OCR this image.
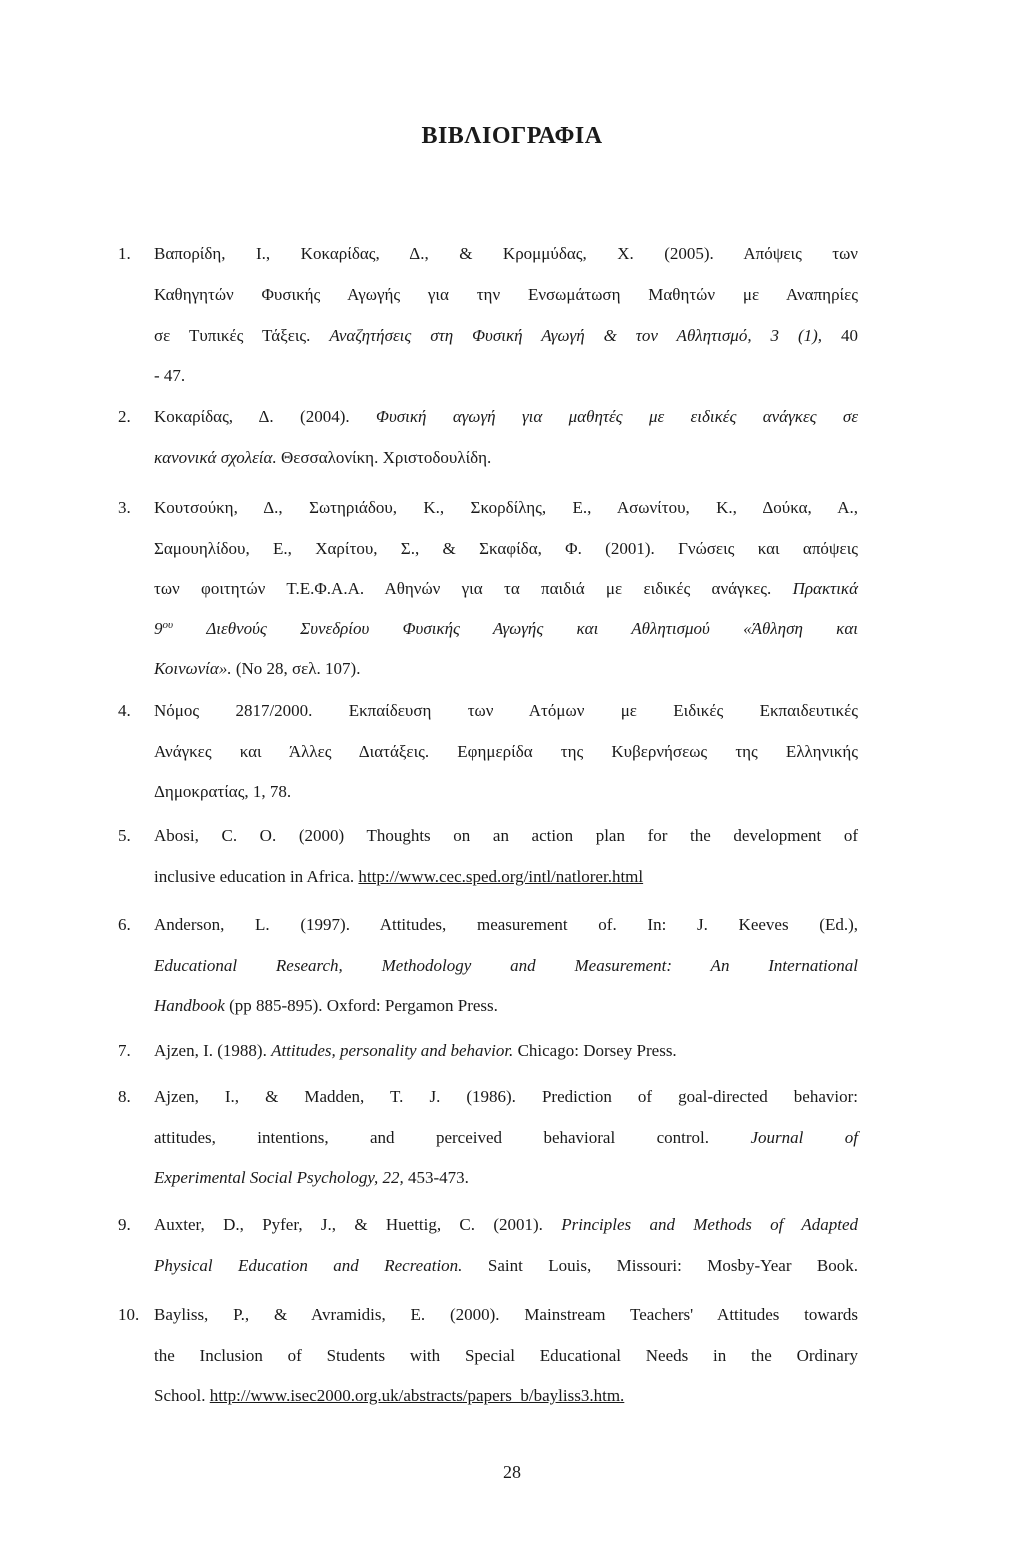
ΒΙΒΛΙΟΓΡΑΦΙΑ
1. Βαπορίδη, Ι., Κοκαρίδας, Δ., & Κρομμύδας, Χ. (2005). Απόψεις των
Καθηγητών Φυσικής Αγωγής για την Ενσωμάτωση Μαθητών με Αναπηρίες
σε Τυπικές Τάξεις. Αναζητήσεις στη Φυσική Αγωγή & τον Αθλητισμό, 3 (1), 40
- 47.
2. Κοκαρίδας, Δ. (2004). Φυσική αγωγή για μαθητές με ειδικές ανάγκες σε
κανονικά σχολεία. Θεσσαλονίκη. Χριστοδουλίδη.
3. Κουτσούκη, Δ., Σωτηριάδου, Κ., Σκορδίλης, Ε., Ασωνίτου, Κ., Δούκα, Α.,
Σαμουηλίδου, Ε., Χαρίτου, Σ., & Σκαφίδα, Φ. (2001). Γνώσεις και απόψεις
των φοιτητών Τ.Ε.Φ.Α.Α. Αθηνών για τα παιδιά με ειδικές ανάγκες. Πρακτικά
$9^{o\upsilon}$ Διεθνούς Συνεδρίου Φυσικής Αγωγής και Αθλητισμού «Άθληση και
Κοινωνία». (Νο 28, σελ. 107).
4. Νόμος 2817/2000. Εκπαίδευση των Ατόμων με Ειδικές Εκπαιδευτικές
Ανάγκες και Άλλες Διατάξεις. Εφημερίδα της Κυβερνήσεως της Ελληνικής
Δημοκρατίας, 1, 78.
5. Abosi, C. O. (2000) Thoughts on an action plan for the development of
inclusive education in Africa. http://www.cec.sped.org/intl/natlorer.html
6. Anderson, L. (1997). Attitudes, measurement of. In: J. Keeves (Ed.),
Educational Research, Methodology and Measurement: An International
Handbook (pp 885-895). Oxford: Pergamon Press.
7. Ajzen, I. (1988). Attitudes, personality and behavior. Chicago: Dorsey Press.
8. Ajzen, I., & Madden, T. J. (1986). Prediction of goal-directed behavior:
attitudes, intentions, and perceived behavioral control. Journal of
Experimental Social Psychology, 22, 453-473.
9. Auxter, D., Pyfer, J., & Huettig, C. (2001). Principles and Methods of Adapted
Physical Education and Recreation. Saint Louis, Missouri: Mosby-Year Book.
10. Bayliss, P., & Avramidis, E. (2000). Mainstream Teachers' Attitudes towards
the Inclusion of Students with Special Educational Needs in the Ordinary
School. http://www.isec2000.org.uk/abstracts/papers_b/bayliss3.htm.
28
